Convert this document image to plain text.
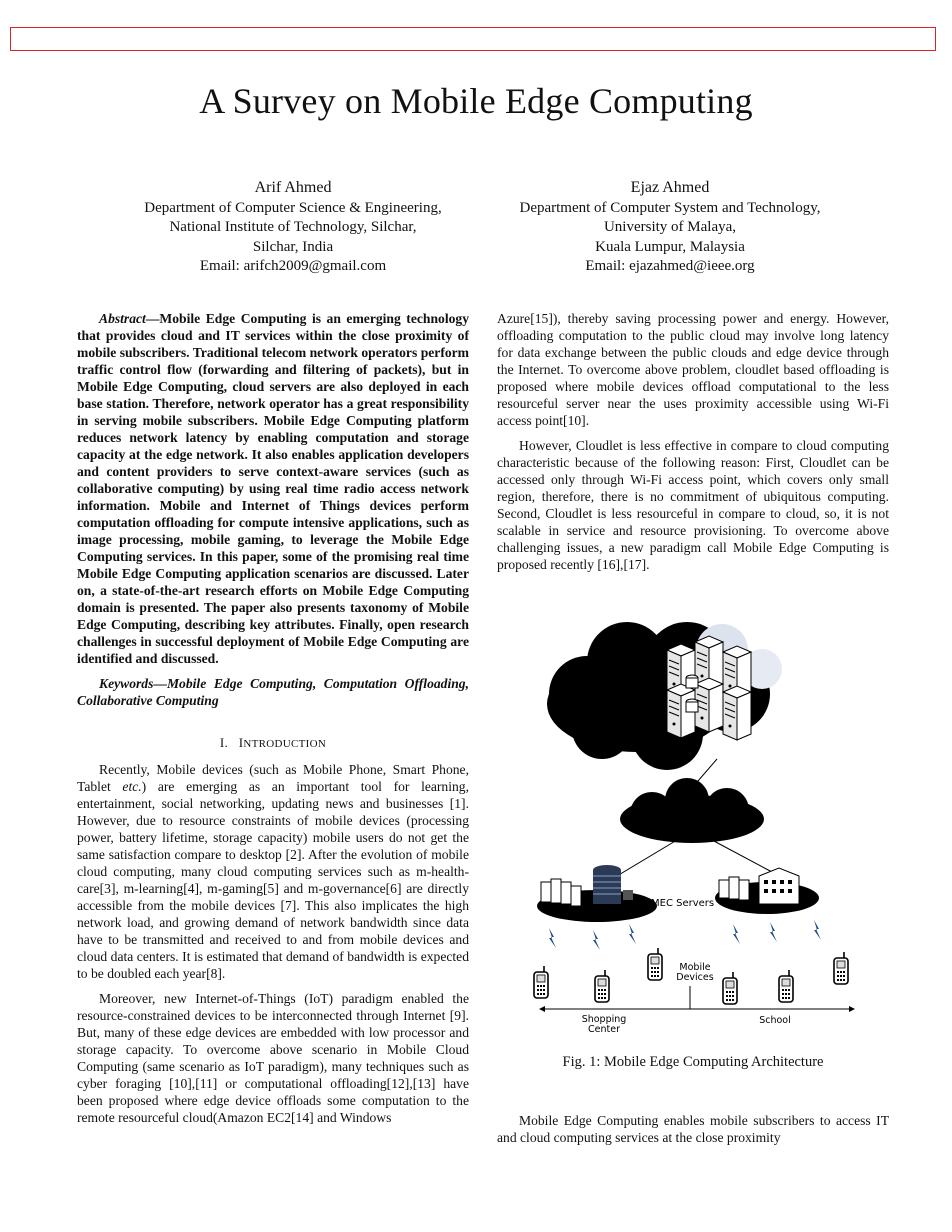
A Survey on Mobile Edge Computing
Arif Ahmed
Department of Computer Science & Engineering,
National Institute of Technology, Silchar,
Silchar, India
Email: arifch2009@gmail.com
Ejaz Ahmed
Department of Computer System and Technology,
University of Malaya,
Kuala Lumpur, Malaysia
Email: ejazahmed@ieee.org

Abstract—Mobile Edge Computing is an emerging technology that provides cloud and IT services within the close proximity of mobile subscribers. Traditional telecom network operators perform traffic control flow (forwarding and filtering of packets), but in Mobile Edge Computing, cloud servers are also deployed in each base station. Therefore, network operator has a great responsibility in serving mobile subscribers. Mobile Edge Computing platform reduces network latency by enabling computation and storage capacity at the edge network. It also enables application developers and content providers to serve context-aware services (such as collaborative computing) by using real time radio access network information. Mobile and Internet of Things devices perform computation offloading for compute intensive applications, such as image processing, mobile gaming, to leverage the Mobile Edge Computing services. In this paper, some of the promising real time Mobile Edge Computing application scenarios are discussed. Later on, a state-of-the-art research efforts on Mobile Edge Computing domain is presented. The paper also presents taxonomy of Mobile Edge Computing, describing key attributes. Finally, open research challenges in successful deployment of Mobile Edge Computing are identified and discussed.

Keywords—Mobile Edge Computing, Computation Offloading, Collaborative Computing

I. INTRODUCTION

Recently, Mobile devices (such as Mobile Phone, Smart Phone, Tablet etc.) are emerging as an important tool for learning, entertainment, social networking, updating news and businesses [1]. However, due to resource constraints of mobile devices (processing power, battery lifetime, storage capacity) mobile users do not get the same satisfaction compare to desktop [2]. After the evolution of mobile cloud computing, many cloud computing services such as m-health-care[3], m-learning[4], m-gaming[5] and m-governance[6] are directly accessible from the mobile devices [7]. This also implicates the high network load, and growing demand of network bandwidth since data have to be transmitted and received to and from mobile devices and cloud data centers. It is estimated that demand of bandwidth is expected to be doubled each year[8].

Moreover, new Internet-of-Things (IoT) paradigm enabled the resource-constrained devices to be interconnected through Internet [9]. But, many of these edge devices are embedded with low processor and storage capacity. To overcome above scenario in Mobile Cloud Computing (same scenario as IoT paradigm), many techniques such as cyber foraging [10],[11] or computational offloading[12],[13] have been proposed where edge device offloads some computation to the remote resourceful cloud(Amazon EC2[14] and Windows

Azure[15]), thereby saving processing power and energy. However, offloading computation to the public cloud may involve long latency for data exchange between the public clouds and edge device through the Internet. To overcome above problem, cloudlet based offloading is proposed where mobile devices offload computational to the less resourceful server near the uses proximity accessible using Wi-Fi access point[10].

However, Cloudlet is less effective in compare to cloud computing characteristic because of the following reason: First, Cloudlet can be accessed only through Wi-Fi access point, which covers only small region, therefore, there is no commitment of ubiquitous computing. Second, Cloudlet is less resourceful in compare to cloud, so, it is not scalable in service and resource provisioning. To overcome above challenging issues, a new paradigm call Mobile Edge Computing is proposed recently [16],[17].

MEC Servers
Mobile
Devices
Shopping
Center
School
Fig. 1: Mobile Edge Computing Architecture

Mobile Edge Computing enables mobile subscribers to access IT and cloud computing services at the close proximity
